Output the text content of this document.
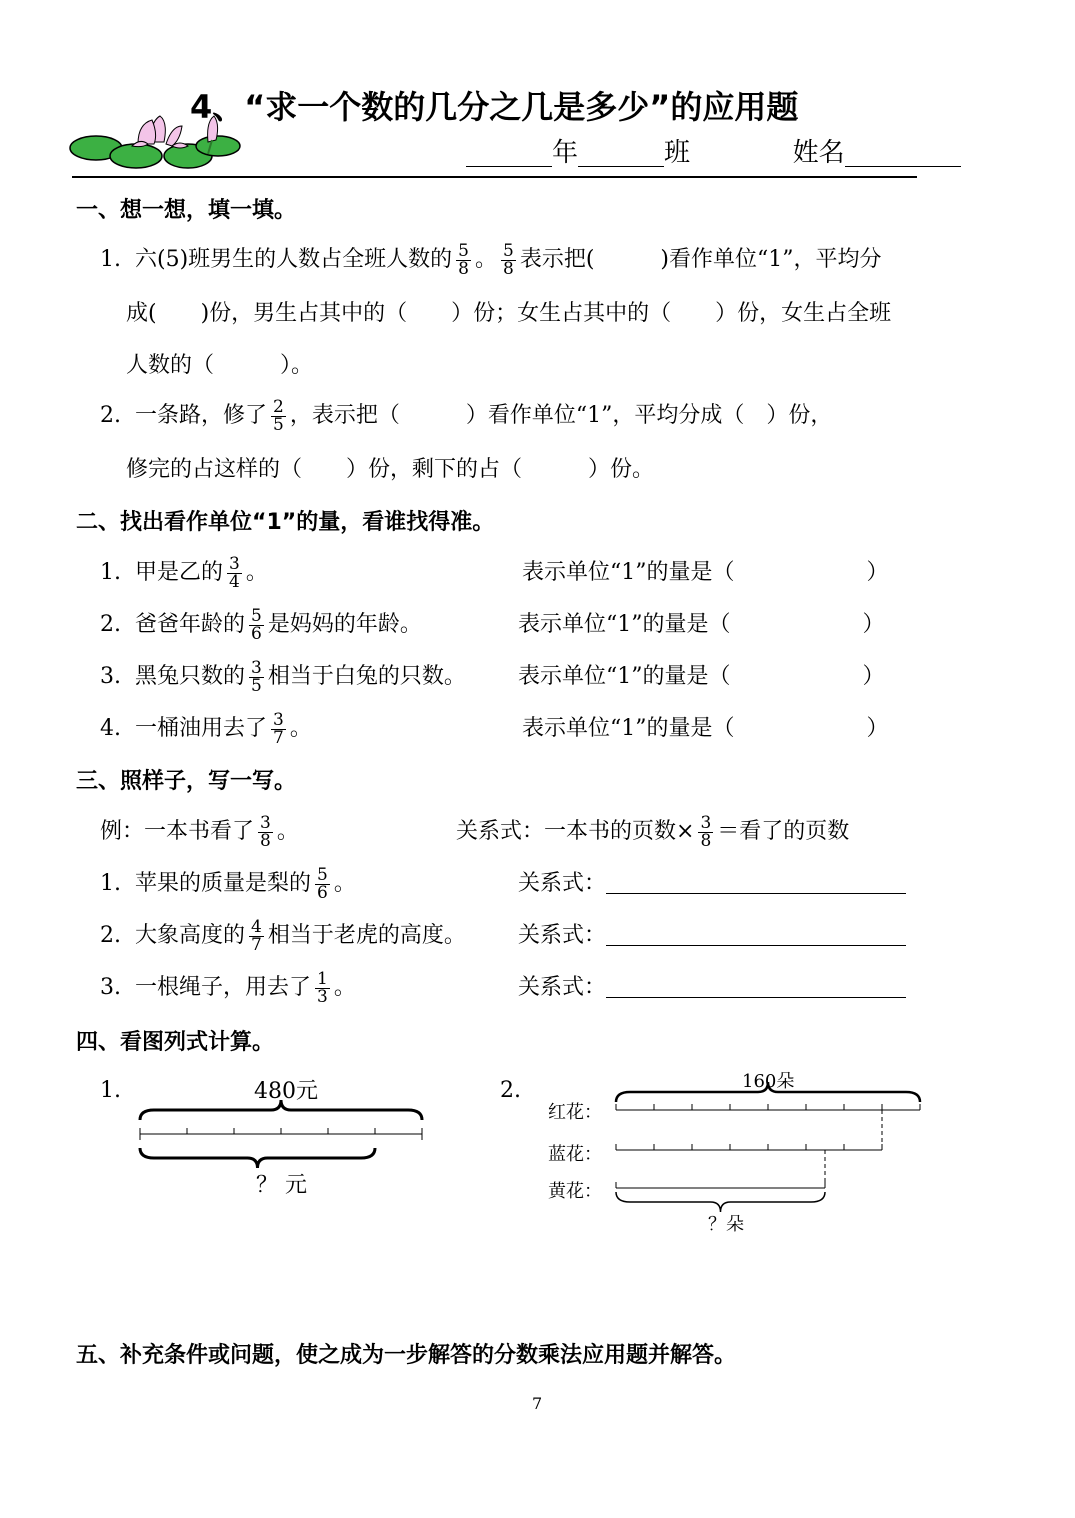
4、“求一个数的几分之几是多少”的应用题
年	班	姓名
一、想一想，填一填。
1. 六(5)班男生的人数占全班人数的 $\frac{5}{8}$ 。 $\frac{5}{8}$ 表示把(　　　)看作单位“1”，平均分
成(　　)份，男生占其中的（　　）份；女生占其中的（　　）份，女生占全班
人数的（　　　）。
2. 一条路，修了 $\frac{2}{5}$ ，表示把（　　　）看作单位“1”，平均分成（　）份，
修完的占这样的（　　）份，剩下的占（　　　）份。
二、找出看作单位“1”的量，看谁找得准。
1. 甲是乙的 $\frac{3}{4}$ 。	表示单位“1”的量是（　　　　　　）
2. 爸爸年龄的 $\frac{5}{6}$ 是妈妈的年龄。	表示单位“1”的量是（　　　　　　）
3. 黑兔只数的 $\frac{3}{5}$ 相当于白兔的只数。 表示单位“1”的量是（　　　　　　）
4. 一桶油用去了 $\frac{3}{7}$ 。	表示单位“1”的量是（　　　　　　）
三、照样子，写一写。
例：一本书看了 $\frac{3}{8}$ 。	关系式：一本书的页数× $\frac{3}{8}$ ＝看了的页数
1. 苹果的质量是梨的 $\frac{5}{6}$ 。	关系式：
2. 大象高度的 $\frac{4}{7}$ 相当于老虎的高度。 关系式：
3. 一根绳子，用去了 $\frac{1}{3}$ 。	关系式：
四、看图列式计算。
1.	480元
？ 元
2.	160朵
红花：
蓝花：
黄花：
？朵
五、补充条件或问题，使之成为一步解答的分数乘法应用题并解答。
7
